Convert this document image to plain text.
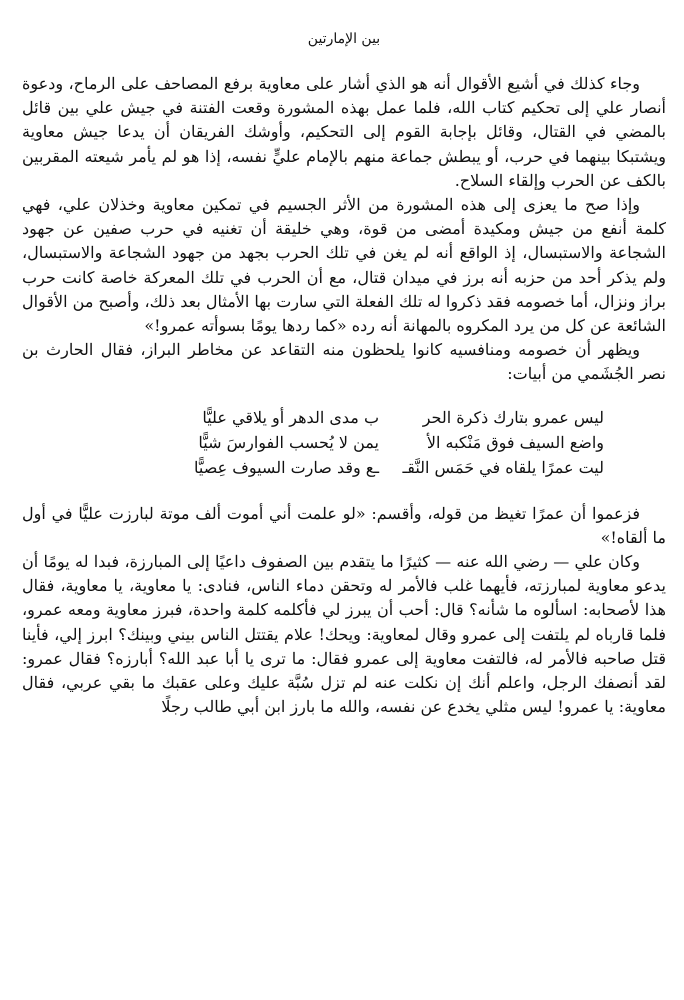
بين الإمارتين

وجاء كذلك في أشيع الأقوال أنه هو الذي أشار على معاوية برفع المصاحف على الرماح، ودعوة أنصار علي إلى تحكيم كتاب الله، فلما عمل بهذه المشورة وقعت الفتنة في جيش علي بين قائل بالمضي في القتال، وقائل بإجابة القوم إلى التحكيم، وأوشك الفريقان أن يدعا جيش معاوية ويشتبكا بينهما في حرب، أو يبطش جماعة منهم بالإمام عليٍّ نفسه، إذا هو لم يأمر شيعته المقربين بالكف عن الحرب وإلقاء السلاح.

وإذا صح ما يعزى إلى هذه المشورة من الأثر الجسيم في تمكين معاوية وخذلان علي، فهي كلمة أنفع من جيش ومكيدة أمضى من قوة، وهي خليقة أن تغنيه في حرب صفين عن جهود الشجاعة والاستبسال، إذ الواقع أنه لم يغن في تلك الحرب بجهد من جهود الشجاعة والاستبسال، ولم يذكر أحد من حزبه أنه برز في ميدان قتال، مع أن الحرب في تلك المعركة خاصة كانت حرب براز ونزال، أما خصومه فقد ذكروا له تلك الفعلة التي سارت بها الأمثال بعد ذلك، وأصبح من الأقوال الشائعة عن كل من يرد المكروه بالمهانة أنه رده «كما ردها يومًا بسوأته عمرو!»

ويظهر أن خصومه ومنافسيه كانوا يلحظون منه التقاعد عن مخاطر البراز، فقال الحارث بن نصر الجُشَمي من أبيات:

ليس عمرو بتارك ذكرة الحر
ب مدى الدهر أو يلاقي عليًّا
واضع السيف فوق مَنْكبه الأ
يمن لا يُحسب الفوارسَ شيًّا
ليت عمرًا يلقاه في حَمَس النَّقـ
ـع وقد صارت السيوف عِصيًّا

فزعموا أن عمرًا تغيظ من قوله، وأقسم: «لو علمت أني أموت ألف موتة لبارزت عليًّا في أول ما ألقاه!»

وكان علي — رضي الله عنه — كثيرًا ما يتقدم بين الصفوف داعيًا إلى المبارزة، فبدا له يومًا أن يدعو معاوية لمبارزته، فأيهما غلب فالأمر له وتحقن دماء الناس، فنادى: يا معاوية، يا معاوية، فقال هذا لأصحابه: اسألوه ما شأنه؟ قال: أحب أن يبرز لي فأكلمه كلمة واحدة، فبرز معاوية ومعه عمرو، فلما قارباه لم يلتفت إلى عمرو وقال لمعاوية: ويحك! علام يقتتل الناس بيني وبينك؟ ابرز إلي، فأينا قتل صاحبه فالأمر له، فالتفت معاوية إلى عمرو فقال: ما ترى يا أبا عبد الله؟ أبارزه؟ فقال عمرو: لقد أنصفك الرجل، واعلم أنك إن نكلت عنه لم تزل سُبَّة عليك وعلى عقبك ما بقي عربي، فقال معاوية: يا عمرو! ليس مثلي يخدع عن نفسه، والله ما بارز ابن أبي طالب رجلًا
